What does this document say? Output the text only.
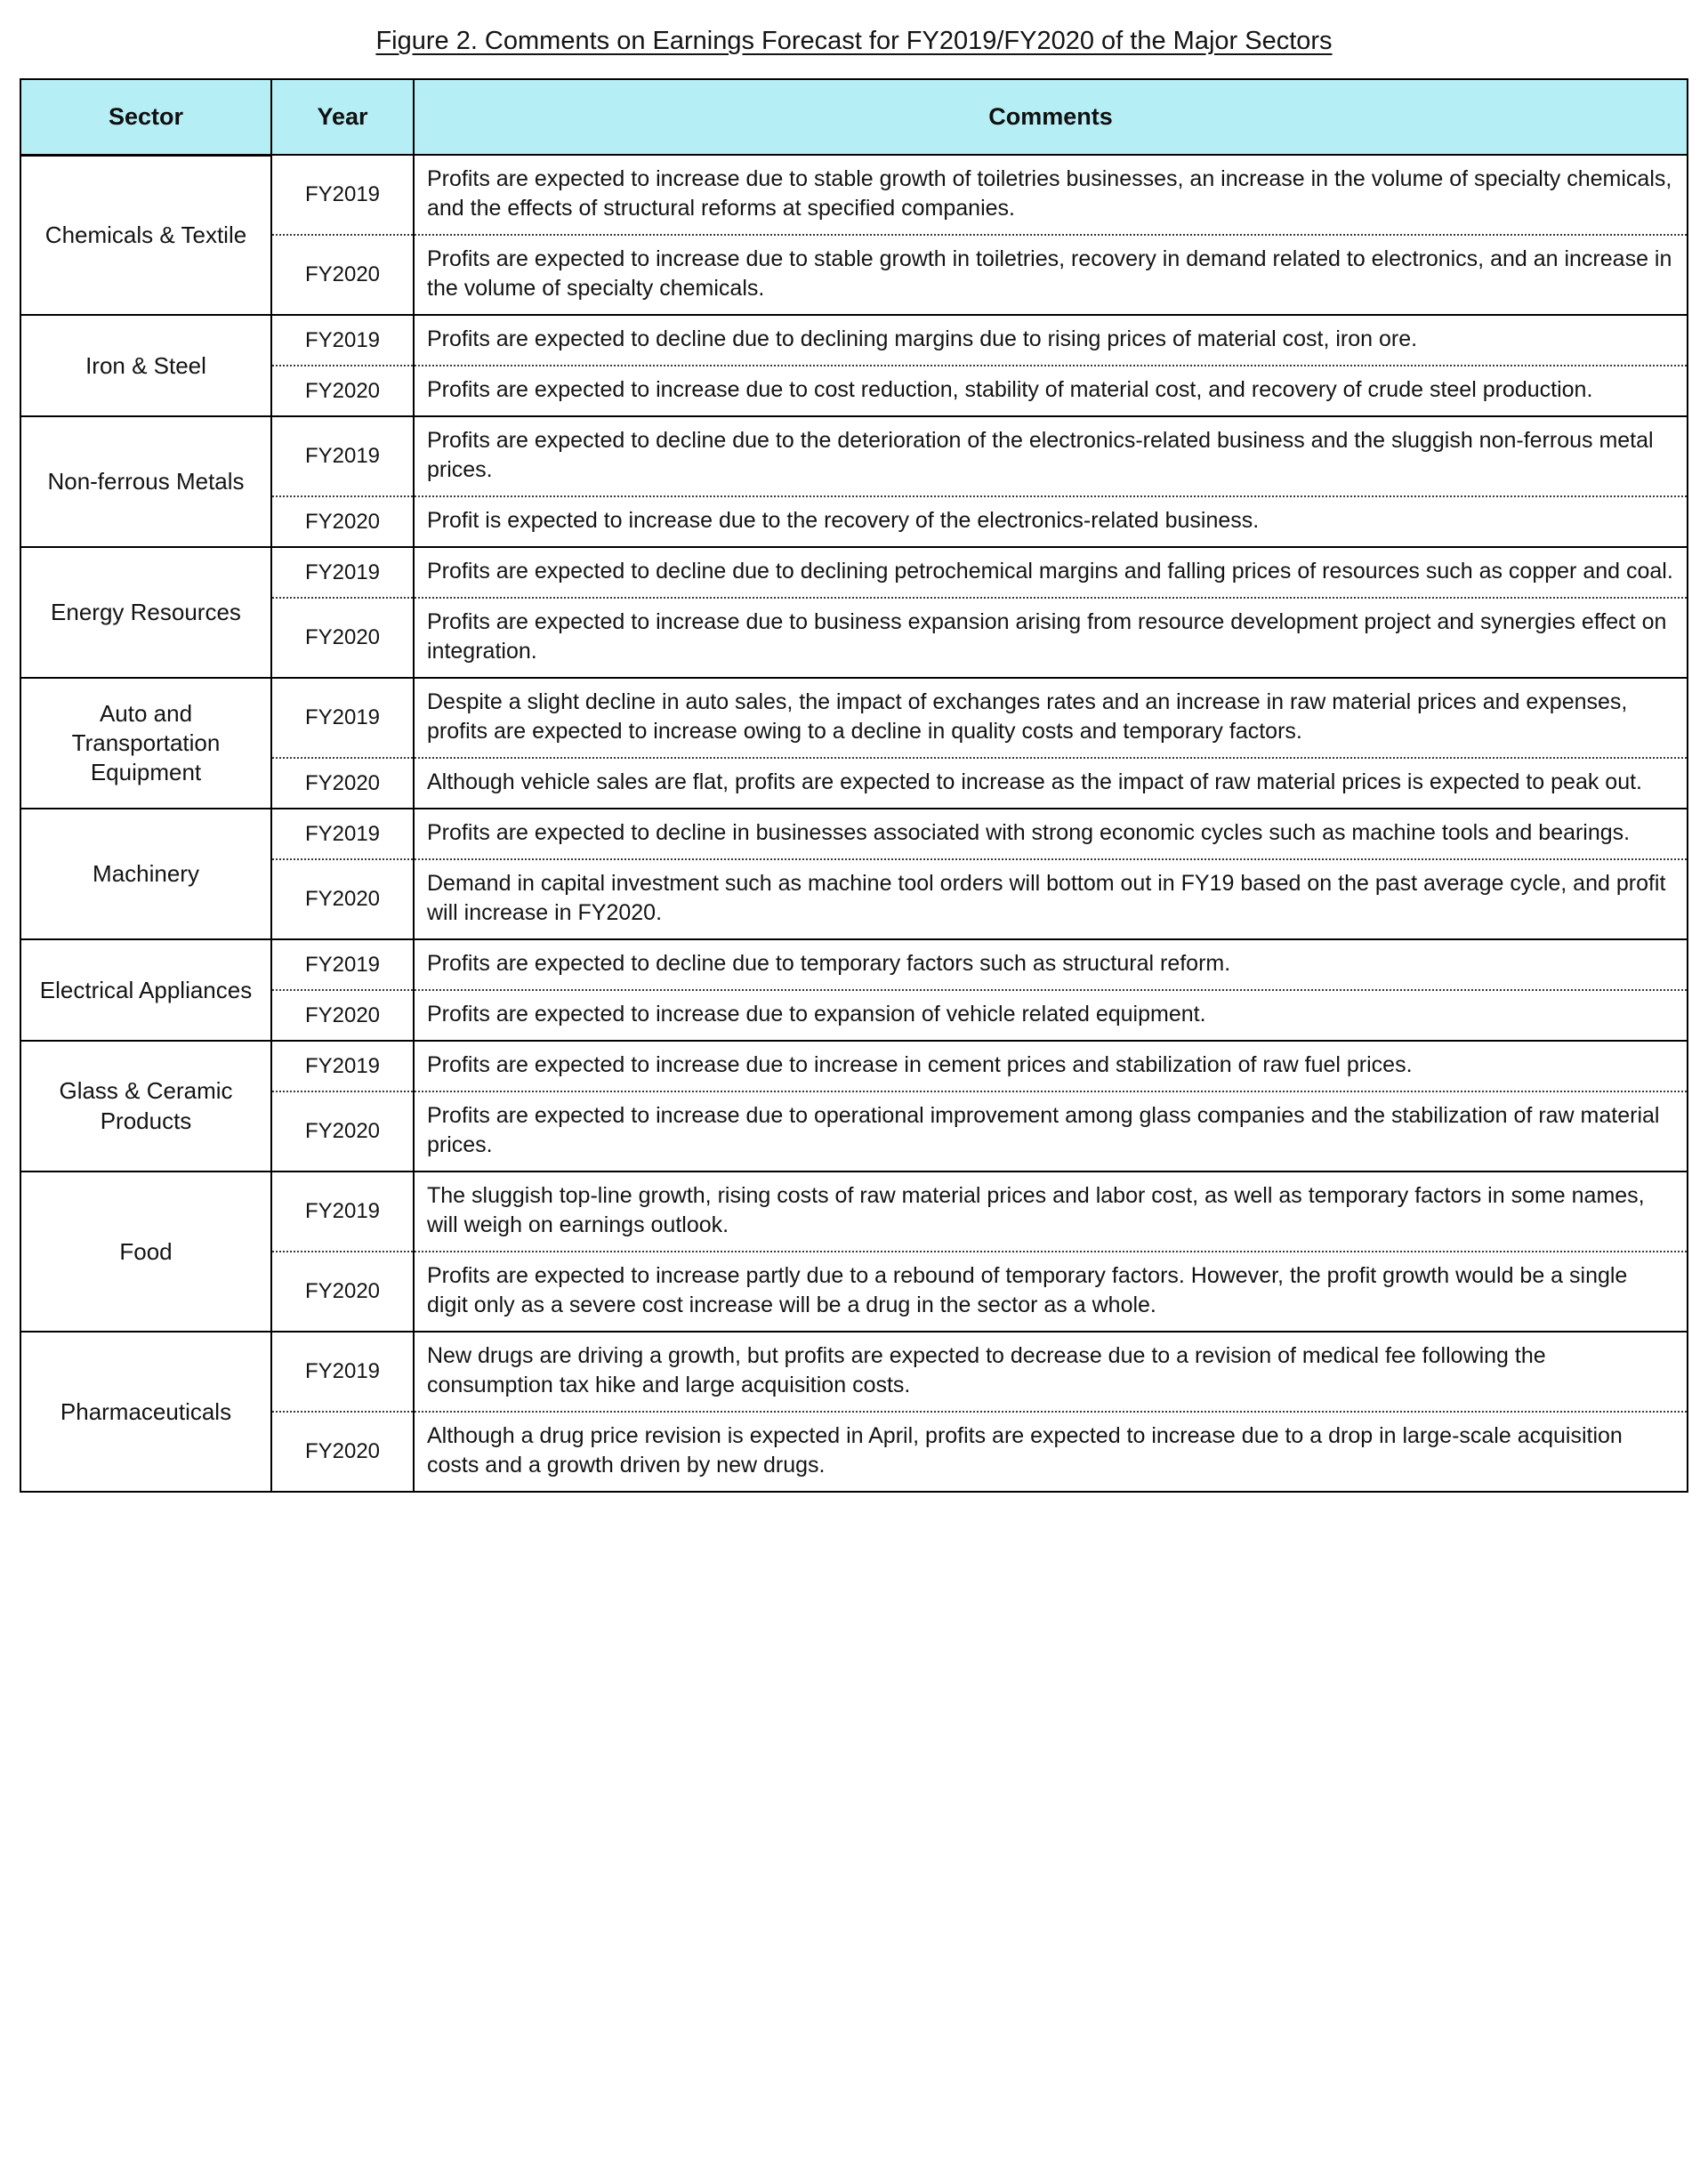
Figure 2. Comments on Earnings Forecast for FY2019/FY2020 of the Major Sectors
Sector	Year	Comments
Chemicals & Textile	FY2019	Profits are expected to increase due to stable growth of toiletries businesses, an increase in the volume of specialty chemicals, and the effects of structural reforms at specified companies.
	FY2020	Profits are expected to increase due to stable growth in toiletries, recovery in demand related to electronics, and an increase in the volume of specialty chemicals.
Iron & Steel	FY2019	Profits are expected to decline due to declining margins due to rising prices of material cost, iron ore.
	FY2020	Profits are expected to increase due to cost reduction, stability of material cost, and recovery of crude steel production.
Non-ferrous Metals	FY2019	Profits are expected to decline due to the deterioration of the electronics-related business and the sluggish non-ferrous metal prices.
	FY2020	Profit is expected to increase due to the recovery of the electronics-related business.
Energy Resources	FY2019	Profits are expected to decline due to declining petrochemical margins and falling prices of resources such as copper and coal.
	FY2020	Profits are expected to increase due to business expansion arising from resource development project and synergies effect on integration.
Auto and Transportation Equipment	FY2019	Despite a slight decline in auto sales, the impact of exchanges rates and an increase in raw material prices and expenses, profits are expected to increase owing to a decline in quality costs and temporary factors.
	FY2020	Although vehicle sales are flat, profits are expected to increase as the impact of raw material prices is expected to peak out.
Machinery	FY2019	Profits are expected to decline in businesses associated with strong economic cycles such as machine tools and bearings.
	FY2020	Demand in capital investment such as machine tool orders will bottom out in FY19 based on the past average cycle, and profit will increase in FY2020.
Electrical Appliances	FY2019	Profits are expected to decline due to temporary factors such as structural reform.
	FY2020	Profits are expected to increase due to expansion of vehicle related equipment.
Glass & Ceramic Products	FY2019	Profits are expected to increase due to increase in cement prices and stabilization of raw fuel prices.
	FY2020	Profits are expected to increase due to operational improvement among glass companies and the stabilization of raw material prices.
Food	FY2019	The sluggish top-line growth, rising costs of raw material prices and labor cost, as well as temporary factors in some names, will weigh on earnings outlook.
	FY2020	Profits are expected to increase partly due to a rebound of temporary factors. However, the profit growth would be a single digit only as a severe cost increase will be a drug in the sector as a whole.
Pharmaceuticals	FY2019	New drugs are driving a growth, but profits are expected to decrease due to a revision of medical fee following the consumption tax hike and large acquisition costs.
	FY2020	Although a drug price revision is expected in April, profits are expected to increase due to a drop in large-scale acquisition costs and a growth driven by new drugs.
